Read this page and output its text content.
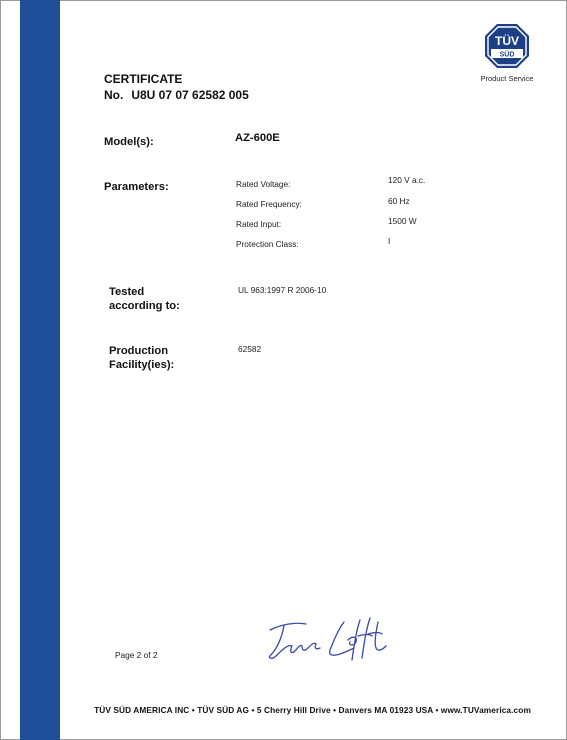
ZERTIFIKAT • CERTIFICATE • 認証書 • СЕРТИФИКАТ • CERTIFICADO • CERTIFICAT
TÜV
SÜD
Product Service
CERTIFICATE
No. U8U 07 07 62582 005
Model(s):	AZ-600E
Parameters:	Rated Voltage:	120 V a.c.
Rated Frequency:	60 Hz
Rated Input:	1500 W
Protection Class:	I
Tested
according to:
UL 963:1997 R 2006-10
Production
Facility(ies):
62582
Page 2 of 2
TÜV SÜD AMERICA INC • TÜV SÜD AG • 5 Cherry Hill Drive • Danvers MA 01923 USA • www.TUVamerica.com
